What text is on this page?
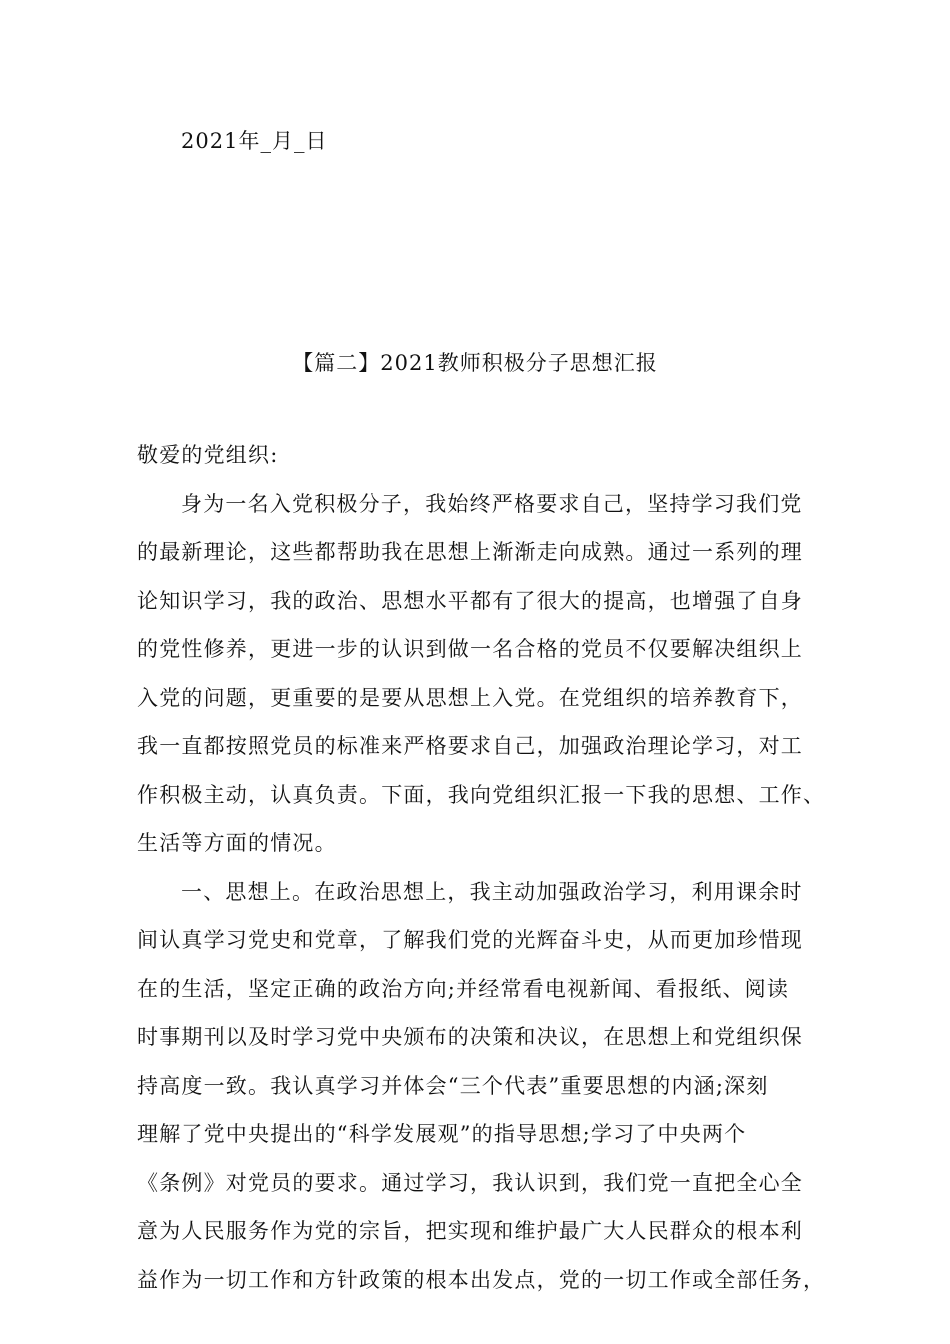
2021年_月_日
【篇二】2021教师积极分子思想汇报
敬爱的党组织:
身为一名入党积极分子，我始终严格要求自己，坚持学习我们党
的最新理论，这些都帮助我在思想上渐渐走向成熟。通过一系列的理
论知识学习，我的政治、思想水平都有了很大的提高，也增强了自身
的党性修养，更进一步的认识到做一名合格的党员不仅要解决组织上
入党的问题，更重要的是要从思想上入党。在党组织的培养教育下，
我一直都按照党员的标准来严格要求自己，加强政治理论学习，对工
作积极主动，认真负责。下面，我向党组织汇报一下我的思想、工作、
生活等方面的情况。
一、思想上。在政治思想上，我主动加强政治学习，利用课余时
间认真学习党史和党章，了解我们党的光辉奋斗史，从而更加珍惜现
在的生活，坚定正确的政治方向;并经常看电视新闻、看报纸、阅读
时事期刊以及时学习党中央颁布的决策和决议，在思想上和党组织保
持高度一致。我认真学习并体会“三个代表”重要思想的内涵;深刻
理解了党中央提出的“科学发展观”的指导思想;学习了中央两个
《条例》对党员的要求。通过学习，我认识到，我们党一直把全心全
意为人民服务作为党的宗旨，把实现和维护最广大人民群众的根本利
益作为一切工作和方针政策的根本出发点，党的一切工作或全部任务，
